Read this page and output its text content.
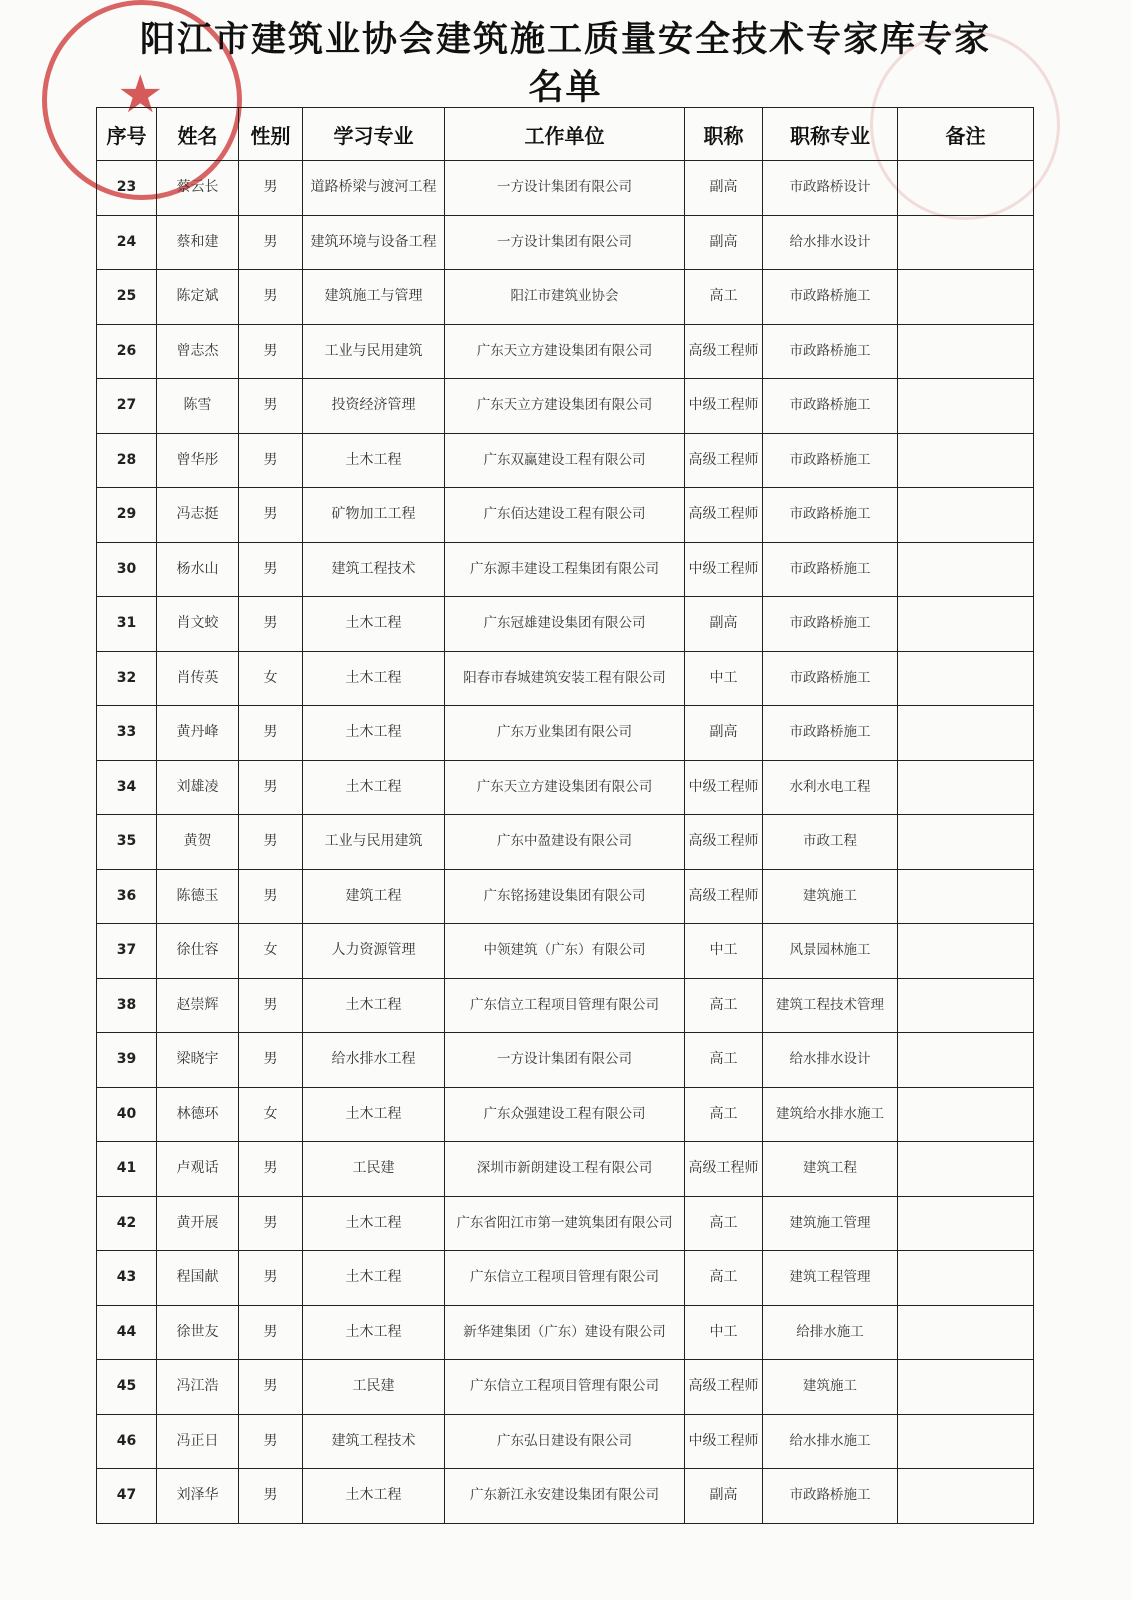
★
阳江市建筑业协会建筑施工质量安全技术专家库专家
名单
序号	姓名	性别	学习专业	工作单位	职称	职称专业	备注
23	蔡云长	男	道路桥梁与渡河工程	一方设计集团有限公司	副高	市政路桥设计	
24	蔡和建	男	建筑环境与设备工程	一方设计集团有限公司	副高	给水排水设计	
25	陈定斌	男	建筑施工与管理	阳江市建筑业协会	高工	市政路桥施工	
26	曾志杰	男	工业与民用建筑	广东天立方建设集团有限公司	高级工程师	市政路桥施工	
27	陈雪	男	投资经济管理	广东天立方建设集团有限公司	中级工程师	市政路桥施工	
28	曾华彤	男	土木工程	广东双赢建设工程有限公司	高级工程师	市政路桥施工	
29	冯志挺	男	矿物加工工程	广东佰达建设工程有限公司	高级工程师	市政路桥施工	
30	杨水山	男	建筑工程技术	广东源丰建设工程集团有限公司	中级工程师	市政路桥施工	
31	肖文蛟	男	土木工程	广东冠雄建设集团有限公司	副高	市政路桥施工	
32	肖传英	女	土木工程	阳春市春城建筑安装工程有限公司	中工	市政路桥施工	
33	黄丹峰	男	土木工程	广东万业集团有限公司	副高	市政路桥施工	
34	刘雄凌	男	土木工程	广东天立方建设集团有限公司	中级工程师	水利水电工程	
35	黄贺	男	工业与民用建筑	广东中盈建设有限公司	高级工程师	市政工程	
36	陈德玉	男	建筑工程	广东铭扬建设集团有限公司	高级工程师	建筑施工	
37	徐仕容	女	人力资源管理	中领建筑（广东）有限公司	中工	风景园林施工	
38	赵崇辉	男	土木工程	广东信立工程项目管理有限公司	高工	建筑工程技术管理	
39	梁晓宇	男	给水排水工程	一方设计集团有限公司	高工	给水排水设计	
40	林德环	女	土木工程	广东众强建设工程有限公司	高工	建筑给水排水施工	
41	卢观话	男	工民建	深圳市新朗建设工程有限公司	高级工程师	建筑工程	
42	黄开展	男	土木工程	广东省阳江市第一建筑集团有限公司	高工	建筑施工管理	
43	程国献	男	土木工程	广东信立工程项目管理有限公司	高工	建筑工程管理	
44	徐世友	男	土木工程	新华建集团（广东）建设有限公司	中工	给排水施工	
45	冯江浩	男	工民建	广东信立工程项目管理有限公司	高级工程师	建筑施工	
46	冯正日	男	建筑工程技术	广东弘日建设有限公司	中级工程师	给水排水施工	
47	刘泽华	男	土木工程	广东新江永安建设集团有限公司	副高	市政路桥施工	
